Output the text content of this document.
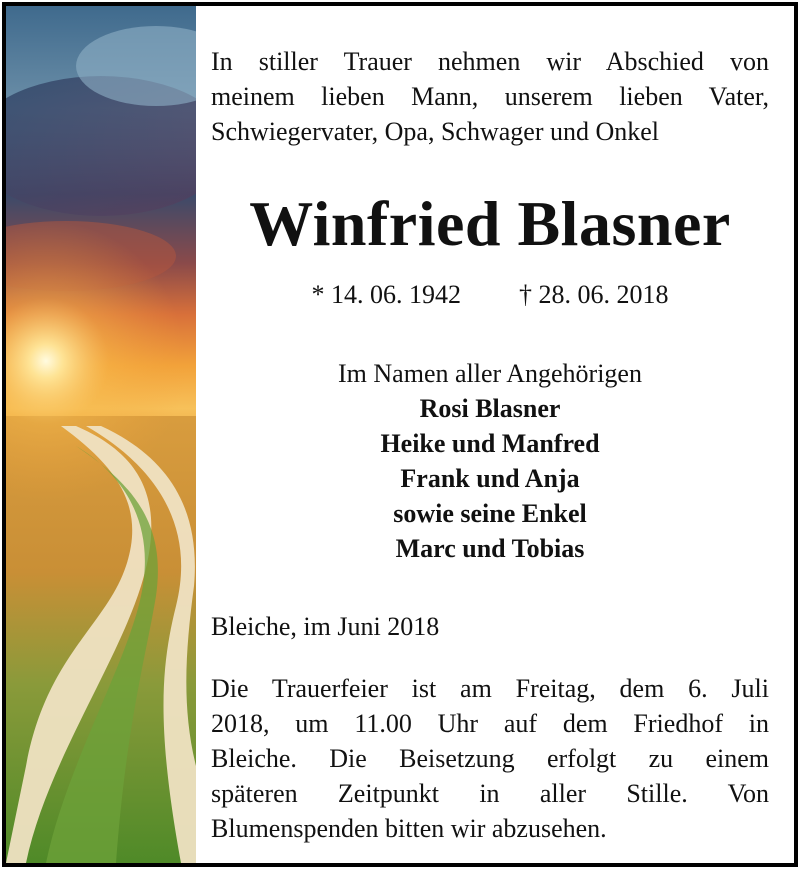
In stiller Trauer nehmen wir Abschied von
meinem lieben Mann, unserem lieben Vater,
Schwiegervater, Opa, Schwager und Onkel
Winfried Blasner
* 14. 06. 1942 † 28. 06. 2018
Im Namen aller Angehörigen
Rosi Blasner
Heike und Manfred
Frank und Anja
sowie seine Enkel
Marc und Tobias
Bleiche, im Juni 2018
Die Trauerfeier ist am Freitag, dem 6. Juli
2018, um 11.00 Uhr auf dem Friedhof in
Bleiche. Die Beisetzung erfolgt zu einem
späteren Zeitpunkt in aller Stille. Von
Blumenspenden bitten wir abzusehen.
